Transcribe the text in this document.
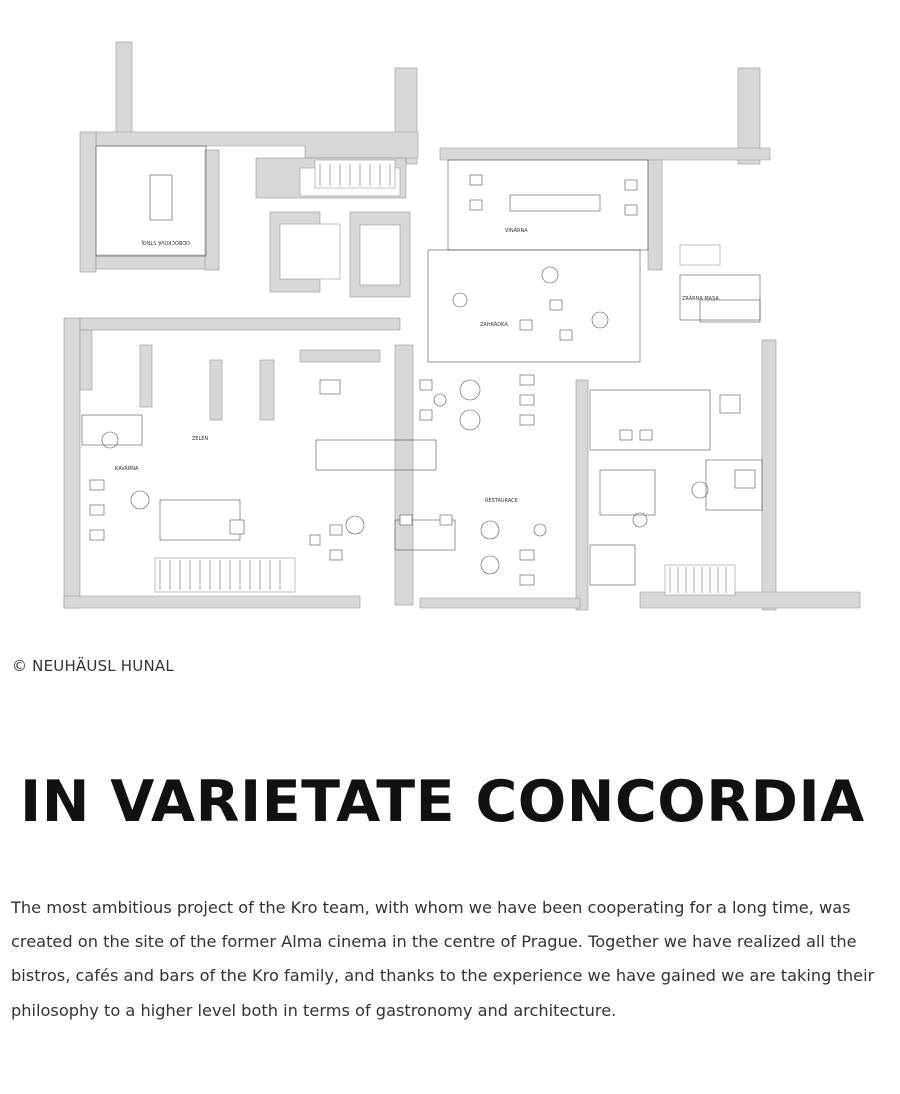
ODBOCKOVÁ STROJ
VINÁRNA
ZAHRÁDKA
ZRÁRNA MASA
ZELEN
KAVÁRNA
RESTAURACE
© NEUHÄUSL HUNAL
IN VARIETATE CONCORDIA

The most ambitious project of the Kro team, with whom we have been cooperating for a long time, was created on the site of the former Alma cinema in the centre of Prague. Together we have realized all the bistros, cafés and bars of the Kro family, and thanks to the experience we have gained we are taking their philosophy to a higher level both in terms of gastronomy and architecture.
